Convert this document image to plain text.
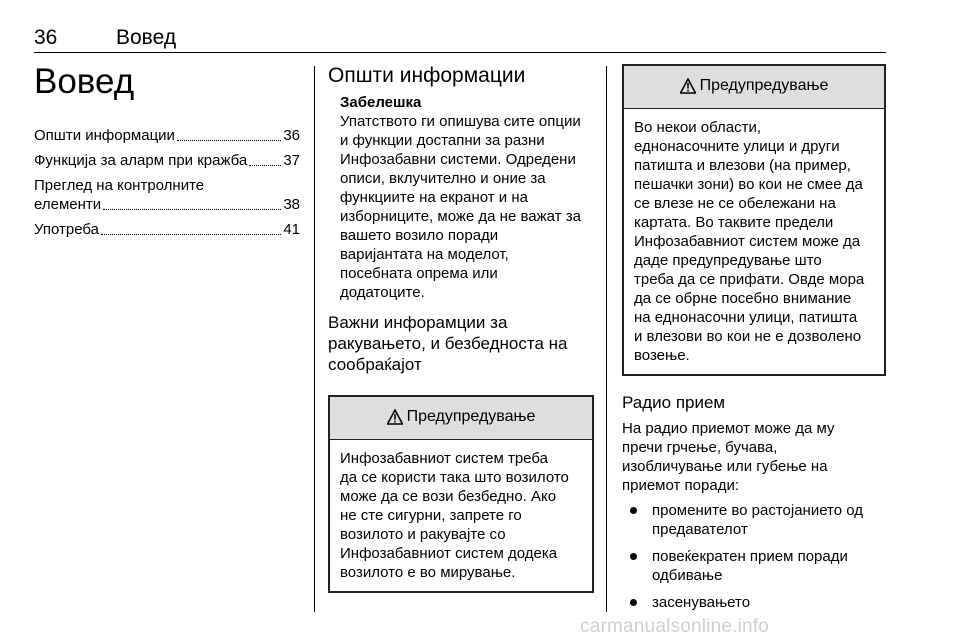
36	Вовед
Вовед
Општи информации	36
Функција за аларм при кражба 37
Преглед на контролните
елементи	38
Употреба	41
Општи информации
Забелешка
Упатството ги опишува сите опции
и функции достапни за разни
Инфозабавни системи. Одредени
описи, вклучително и оние за
функциите на екранот и на
изборниците, може да не важат за
вашето возило поради
варијантата на моделот,
посебната опрема или
додатоците.
Важни инфорамции за
ракувањето, и безбедноста на
сообраќајот
Предупредување
Инфозабавниот систем треба
да се користи така што возилото
може да се вози безбедно. Ако
не сте сигурни, запрете го
возилото и ракувајте со
Инфозабавниот систем додека
возилото е во мирување.
Предупредување
Во некои области,
еднонасочните улици и други
патишта и влезови (на пример,
пешачки зони) во кои не смее да
се влезе не се обележани на
картата. Во таквите предели
Инфозабавниот систем може да
даде предупредување што
треба да се прифати. Овде мора
да се обрне посебно внимание
на еднонасочни улици, патишта
и влезови во кои не е дозволено
возење.
Радио прием
На радио приемот може да му
пречи грчење, бучава,
изобличување или губење на
приемот поради:
промените во растојанието од
предавателот
повеќекратен прием поради
одбивање
засенувањето
carmanualsonline.info
